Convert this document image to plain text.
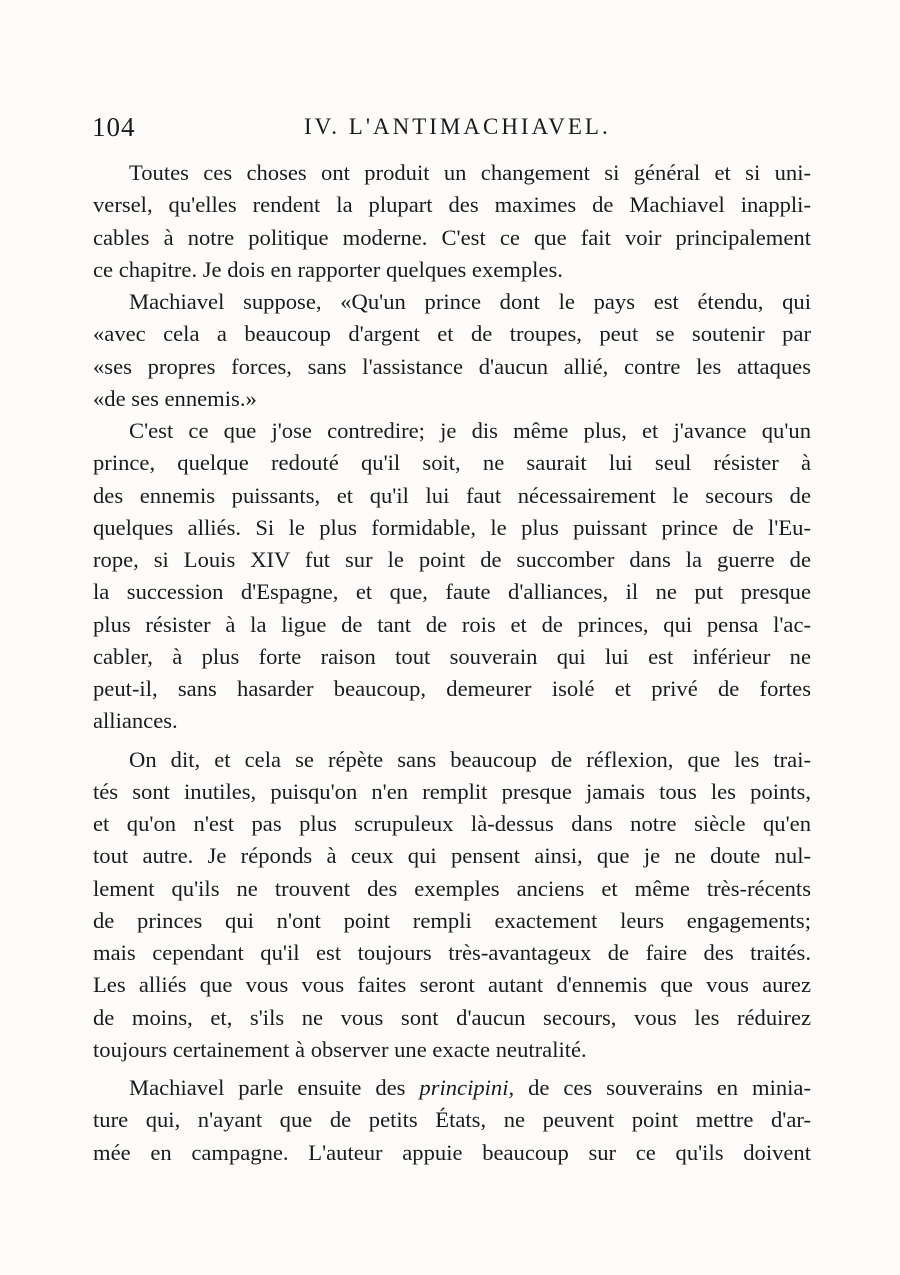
104	IV. L'ANTIMACHIAVEL.
Toutes ces choses ont produit un changement si général et si uni-
versel, qu'elles rendent la plupart des maximes de Machiavel inappli-
cables à notre politique moderne. C'est ce que fait voir principalement
ce chapitre. Je dois en rapporter quelques exemples.
Machiavel suppose, «Qu'un prince dont le pays est étendu, qui
«avec cela a beaucoup d'argent et de troupes, peut se soutenir par
«ses propres forces, sans l'assistance d'aucun allié, contre les attaques
«de ses ennemis.»
C'est ce que j'ose contredire; je dis même plus, et j'avance qu'un
prince, quelque redouté qu'il soit, ne saurait lui seul résister à
des ennemis puissants, et qu'il lui faut nécessairement le secours de
quelques alliés. Si le plus formidable, le plus puissant prince de l'Eu-
rope, si Louis XIV fut sur le point de succomber dans la guerre de
la succession d'Espagne, et que, faute d'alliances, il ne put presque
plus résister à la ligue de tant de rois et de princes, qui pensa l'ac-
cabler, à plus forte raison tout souverain qui lui est inférieur ne
peut-il, sans hasarder beaucoup, demeurer isolé et privé de fortes
alliances.
On dit, et cela se répète sans beaucoup de réflexion, que les trai-
tés sont inutiles, puisqu'on n'en remplit presque jamais tous les points,
et qu'on n'est pas plus scrupuleux là-dessus dans notre siècle qu'en
tout autre. Je réponds à ceux qui pensent ainsi, que je ne doute nul-
lement qu'ils ne trouvent des exemples anciens et même très-récents
de princes qui n'ont point rempli exactement leurs engagements;
mais cependant qu'il est toujours très-avantageux de faire des traités.
Les alliés que vous vous faites seront autant d'ennemis que vous aurez
de moins, et, s'ils ne vous sont d'aucun secours, vous les réduirez
toujours certainement à observer une exacte neutralité.
Machiavel parle ensuite des principini, de ces souverains en minia-
ture qui, n'ayant que de petits États, ne peuvent point mettre d'ar-
mée en campagne. L'auteur appuie beaucoup sur ce qu'ils doivent
